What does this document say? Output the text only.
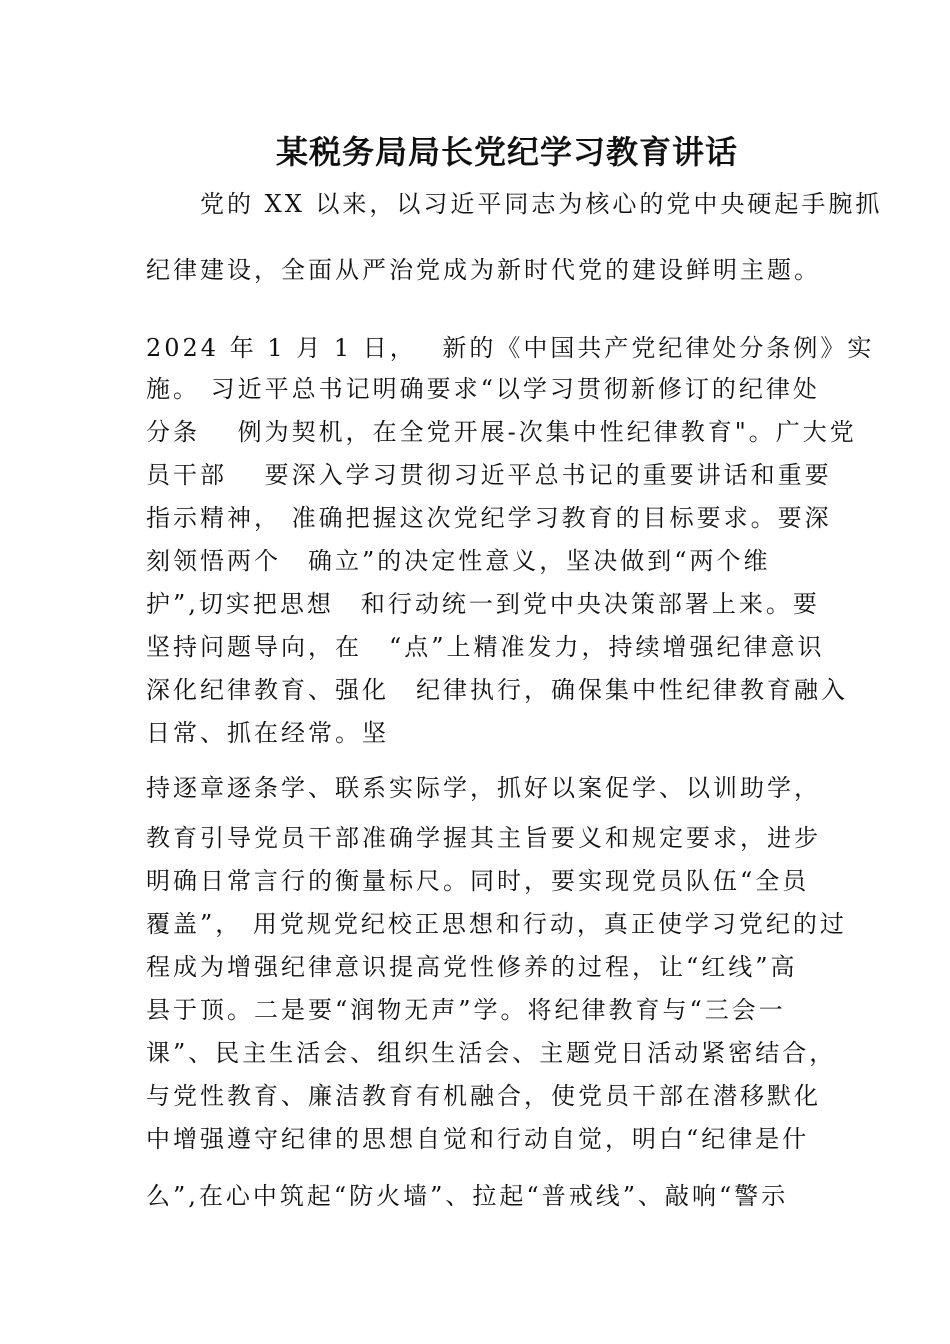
某税务局局长党纪学习教育讲话
　　党的 XX 以来，以习近平同志为核心的党中央硬起手腕抓
纪律建设，全面从严治党成为新时代党的建设鲜明主题。
2024 年 1 月 1 日，　 新的《中国共产党纪律处分条例》实
施。 习近平总书记明确要求“以学习贯彻新修订的纪律处
分条　 例为契机，在全党开展-次集中性纪律教育"。广大党
员干部　 要深入学习贯彻习近平总书记的重要讲话和重要
指示精神， 准确把握这次党纪学习教育的目标要求。要深
刻领悟两个　确立”的决定性意义，坚决做到“两个维
护”,切实把思想　和行动统一到党中央决策部署上来。要
坚持问题导向，在　“点”上精准发力，持续增强纪律意识
深化纪律教育、强化　纪律执行，确保集中性纪律教育融入
日常、抓在经常。坚
持逐章逐条学、联系实际学，抓好以案促学、以训助学，
教育引导党员干部准确学握其主旨要义和规定要求，进步
明确日常言行的衡量标尺。同时，要实现党员队伍“全员
覆盖”， 用党规党纪校正思想和行动，真正使学习党纪的过
程成为增强纪律意识提高党性修养的过程，让“红线”高
县于顶。二是要“润物无声”学。将纪律教育与“三会一
课”、民主生活会、组织生活会、主题党日活动紧密结合，
与党性教育、廉洁教育有机融合，使党员干部在潜移默化
中增强遵守纪律的思想自觉和行动自觉，明白“纪律是什
么”,在心中筑起“防火墙”、拉起“普戒线”、敲响“警示
